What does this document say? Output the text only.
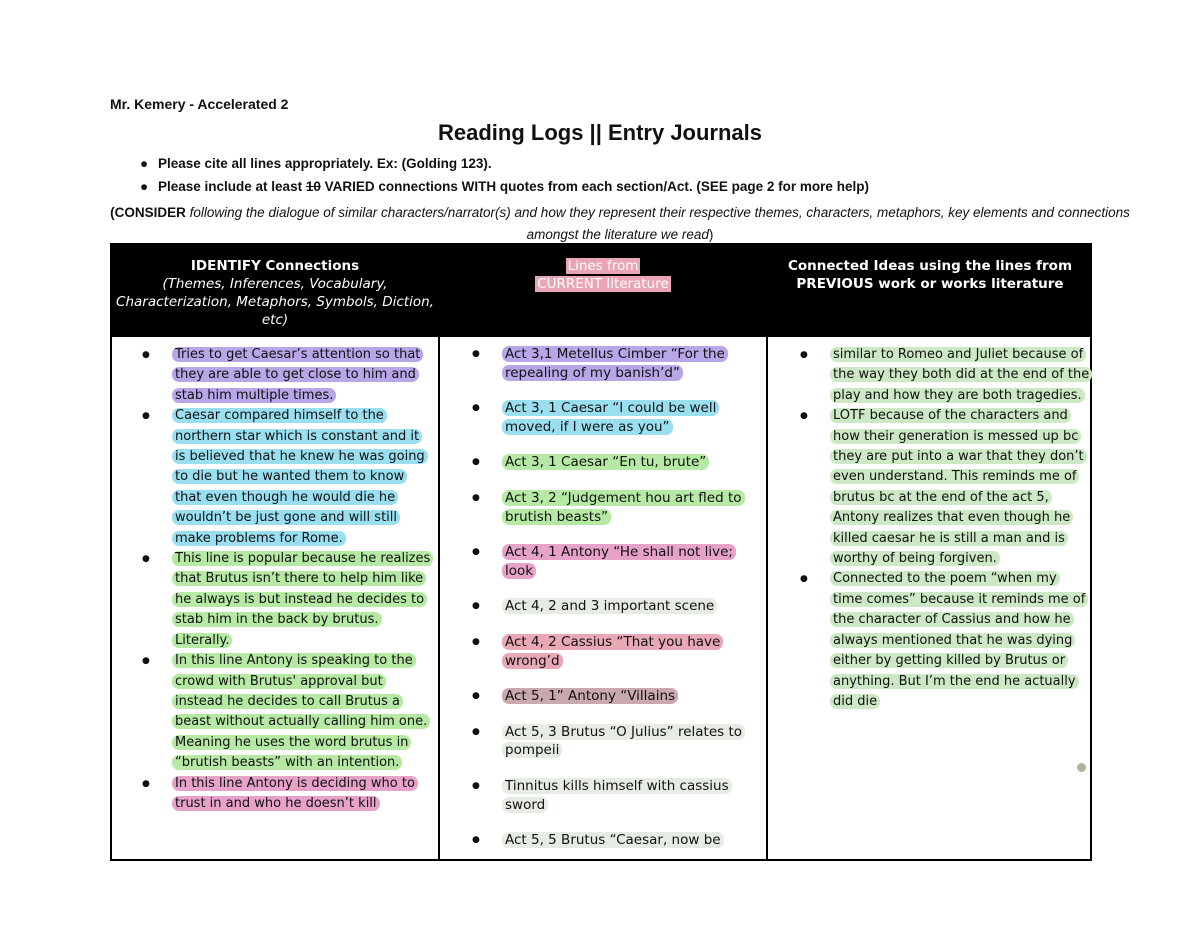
Mr. Kemery - Accelerated 2
Reading Logs || Entry Journals
● Please cite all lines appropriately. Ex: (Golding 123).
● Please include at least 10 VARIED connections WITH quotes from each section/Act. (SEE page 2 for more help)
(CONSIDER following the dialogue of similar characters/narrator(s) and how they represent their respective themes, characters, metaphors, key elements and connections amongst the literature we read)
IDENTIFY Connections
(Themes, Inferences, Vocabulary, Characterization, Metaphors, Symbols, Diction, etc)
Lines from
CURRENT literature
Connected Ideas using the lines from PREVIOUS work or works literature
● Tries to get Caesar’s attention so that they are able to get close to him and stab him multiple times.
● Caesar compared himself to the northern star which is constant and it is believed that he knew he was going to die but he wanted them to know that even though he would die he wouldn’t be just gone and will still make problems for Rome.
● This line is popular because he realizes that Brutus isn’t there to help him like he always is but instead he decides to stab him in the back by brutus. Literally.
● In this line Antony is speaking to the crowd with Brutus' approval but instead he decides to call Brutus a beast without actually calling him one. Meaning he uses the word brutus in “brutish beasts” with an intention.
● In this line Antony is deciding who to trust in and who he doesn’t kill
● Act 3,1 Metellus Cimber “For the repealing of my banish’d”
● Act 3, 1 Caesar “I could be well moved, if I were as you”
● Act 3, 1 Caesar “En tu, brute”
● Act 3, 2 “Judgement hou art fled to brutish beasts”
● Act 4, 1 Antony “He shall not live; look
● Act 4, 2 and 3 important scene
● Act 4, 2 Cassius “That you have wrong’d
● Act 5, 1” Antony “Villains
● Act 5, 3 Brutus “O Julius” relates to pompeii
● Tinnitus kills himself with cassius sword
● Act 5, 5 Brutus “Caesar, now be
● similar to Romeo and Juliet because of the way they both did at the end of the play and how they are both tragedies.
● LOTF because of the characters and how their generation is messed up bc they are put into a war that they don’t even understand. This reminds me of brutus bc at the end of the act 5, Antony realizes that even though he killed caesar he is still a man and is worthy of being forgiven.
● Connected to the poem “when my time comes” because it reminds me of the character of Cassius and how he always mentioned that he was dying either by getting killed by Brutus or anything. But I’m the end he actually did die
